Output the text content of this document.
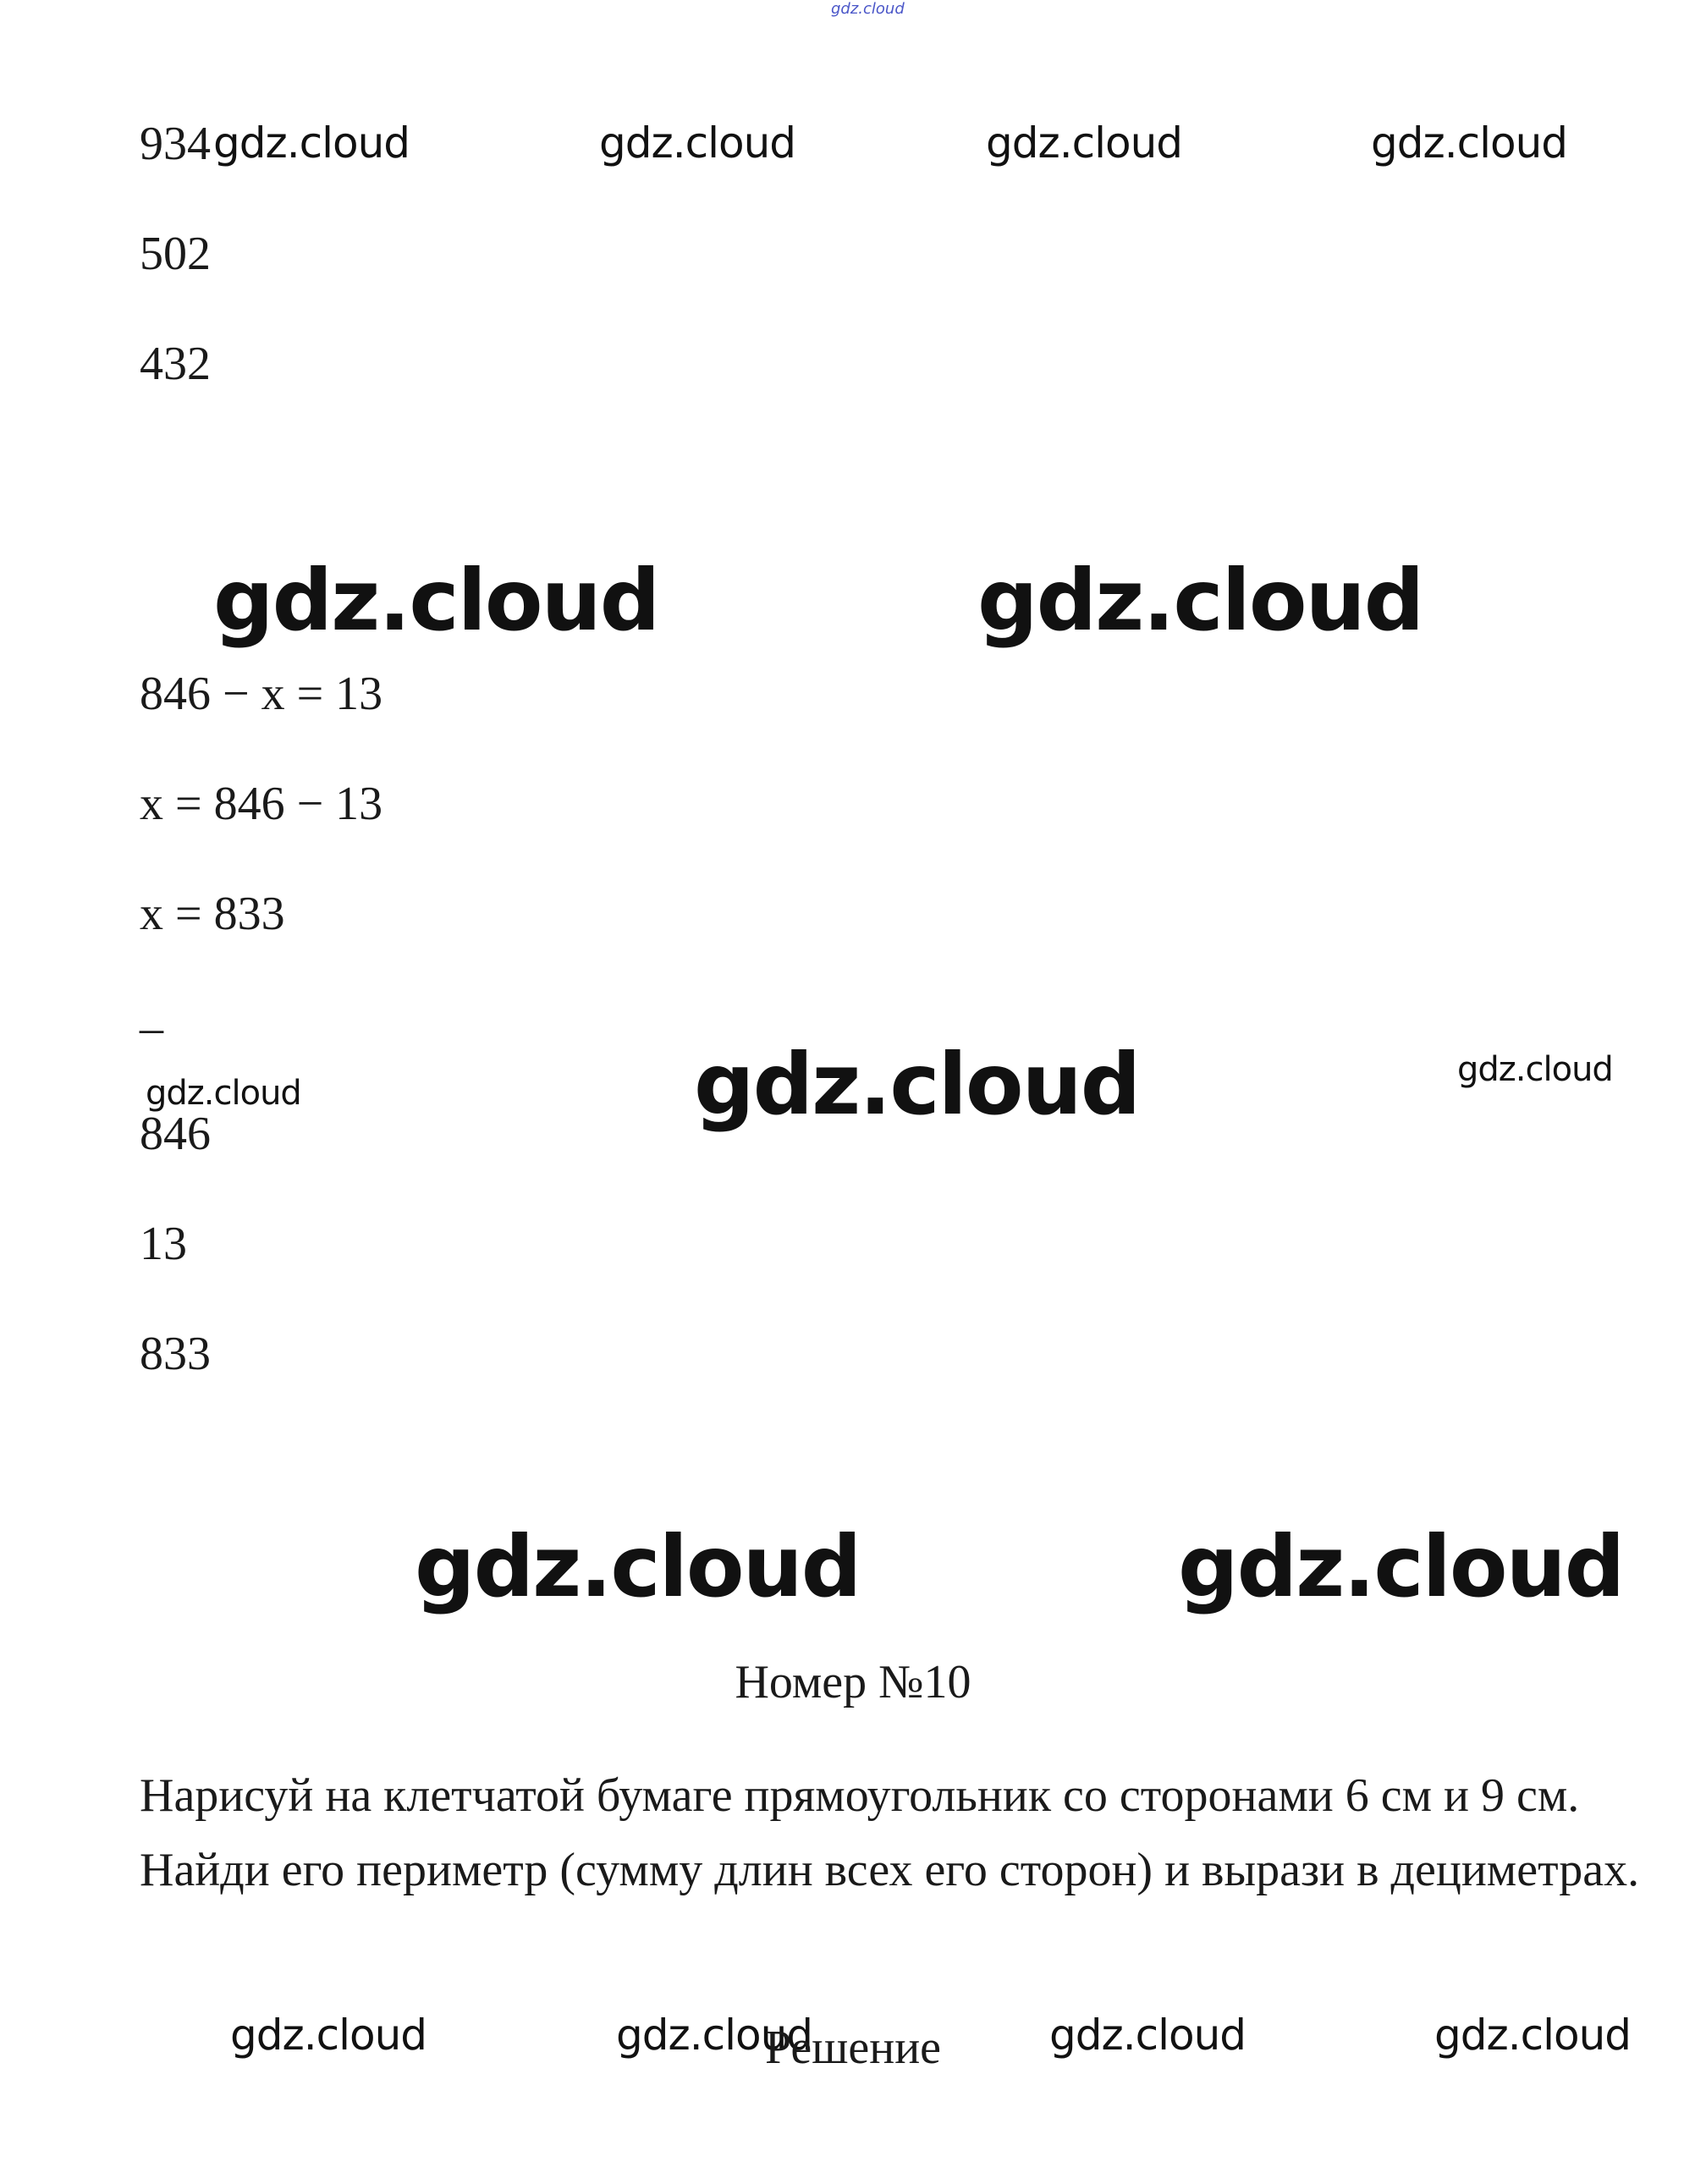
gdz.cloud
934
502
432
gdz.cloud	gdz.cloud	gdz.cloud	gdz.cloud
gdz.cloud	gdz.cloud
846 − x = 13
x = 846 − 13
x = 833
_
gdz.cloud	gdz.cloud	gdz.cloud
846
13
833
gdz.cloud	gdz.cloud
Номер №10
Нарисуй на клетчатой бумаге прямоугольник со сторонами 6 см и 9 см. Найди его периметр (сумму длин всех его сторон) и вырази в дециметрах.
gdz.cloud	gdz.cloud	gdz.cloud	gdz.cloud
Решение
